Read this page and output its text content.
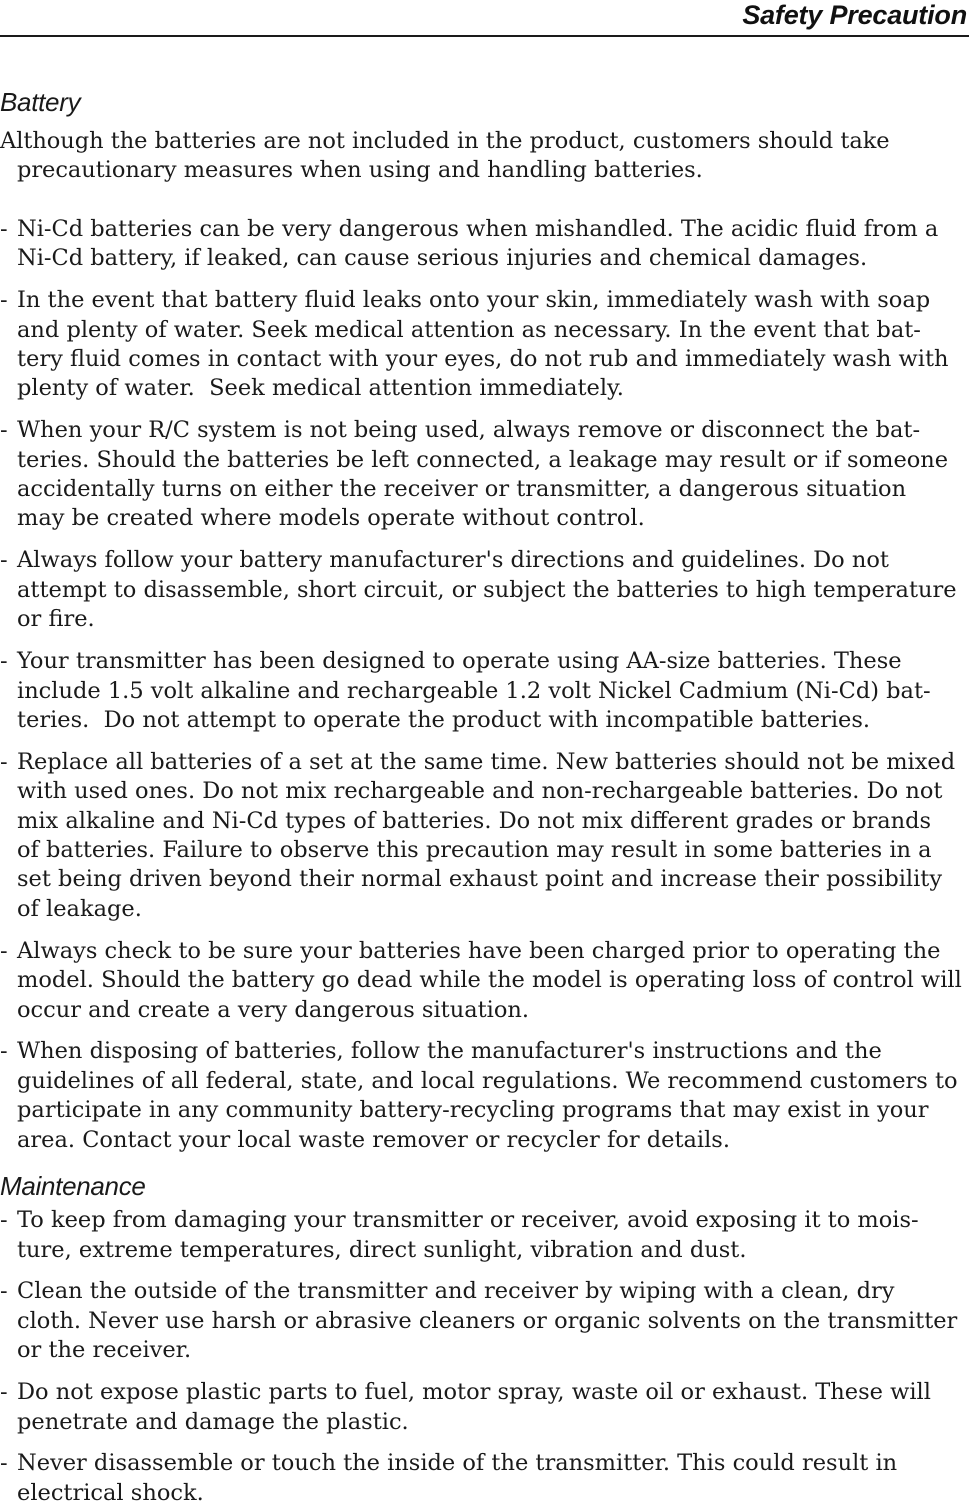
Safety Precaution
Battery

Although the batteries are not included in the product, customers should take
precautionary measures when using and handling batteries.

- Ni-Cd batteries can be very dangerous when mishandled. The acidic fluid from a
Ni-Cd battery, if leaked, can cause serious injuries and chemical damages.
- In the event that battery fluid leaks onto your skin, immediately wash with soap
and plenty of water. Seek medical attention as necessary. In the event that bat-
tery fluid comes in contact with your eyes, do not rub and immediately wash with
plenty of water.  Seek medical attention immediately.
- When your R/C system is not being used, always remove or disconnect the bat-
teries. Should the batteries be left connected, a leakage may result or if someone
accidentally turns on either the receiver or transmitter, a dangerous situation
may be created where models operate without control.
- Always follow your battery manufacturer's directions and guidelines. Do not
attempt to disassemble, short circuit, or subject the batteries to high temperature
or fire.
- Your transmitter has been designed to operate using AA-size batteries. These
include 1.5 volt alkaline and rechargeable 1.2 volt Nickel Cadmium (Ni-Cd) bat-
teries.  Do not attempt to operate the product with incompatible batteries.
- Replace all batteries of a set at the same time. New batteries should not be mixed
with used ones. Do not mix rechargeable and non-rechargeable batteries. Do not
mix alkaline and Ni-Cd types of batteries. Do not mix different grades or brands
of batteries. Failure to observe this precaution may result in some batteries in a
set being driven beyond their normal exhaust point and increase their possibility
of leakage.
- Always check to be sure your batteries have been charged prior to operating the
model. Should the battery go dead while the model is operating loss of control will
occur and create a very dangerous situation.
- When disposing of batteries, follow the manufacturer's instructions and the
guidelines of all federal, state, and local regulations. We recommend customers to
participate in any community battery-recycling programs that may exist in your
area. Contact your local waste remover or recycler for details.
Maintenance
- To keep from damaging your transmitter or receiver, avoid exposing it to mois-
ture, extreme temperatures, direct sunlight, vibration and dust.
- Clean the outside of the transmitter and receiver by wiping with a clean, dry
cloth. Never use harsh or abrasive cleaners or organic solvents on the transmitter
or the receiver.
- Do not expose plastic parts to fuel, motor spray, waste oil or exhaust. These will
penetrate and damage the plastic.
- Never disassemble or touch the inside of the transmitter. This could result in
electrical shock.
